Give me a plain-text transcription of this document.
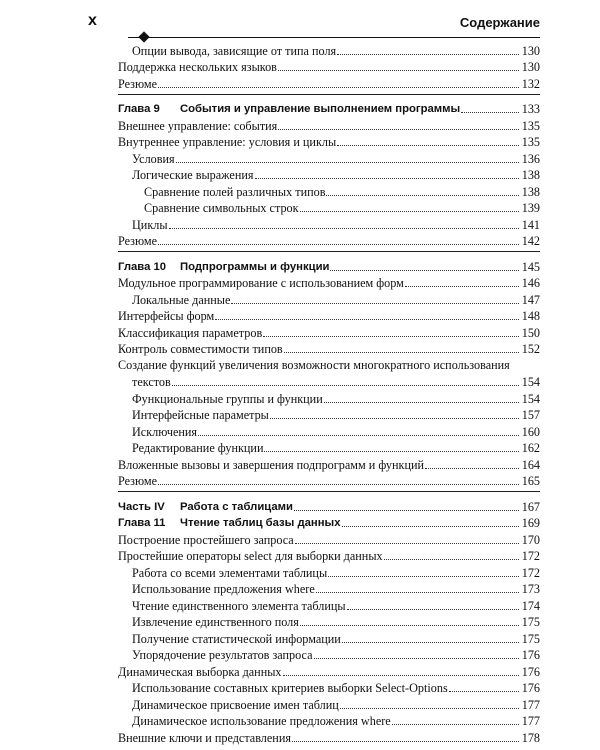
x	Содержание
Опции вывода, зависящие от типа поля	130
Поддержка нескольких языков	130
Резюме	132
Глава 9 События и управление выполнением программы	133
Внешнее управление: события	135
Внутреннее управление: условия и циклы	135
Условия	136
Логические выражения	138
Сравнение полей различных типов	138
Сравнение символьных строк	139
Циклы	141
Резюме	142
Глава 10 Подпрограммы и функции	145
Модульное программирование с использованием форм	146
Локальные данные	147
Интерфейсы форм	148
Классификация параметров	150
Контроль совместимости типов	152
Создание функций увеличения возможности многократного использования
текстов	154
Функциональные группы и функции	154
Интерфейсные параметры	157
Исключения	160
Редактирование функции	162
Вложенные вызовы и завершения подпрограмм и функций	164
Резюме	165
Часть IV Работа с таблицами	167
Глава 11 Чтение таблиц базы данных	169
Построение простейшего запроса	170
Простейшие операторы select для выборки данных	172
Работа со всеми элементами таблицы	172
Использование предложения where	173
Чтение единственного элемента таблицы	174
Извлечение единственного поля	175
Получение статистической информации	175
Упорядочение результатов запроса	176
Динамическая выборка данных	176
Использование составных критериев выборки Select-Options	176
Динамическое присвоение имен таблиц	177
Динамическое использование предложения where	177
Внешние ключи и представления	178
